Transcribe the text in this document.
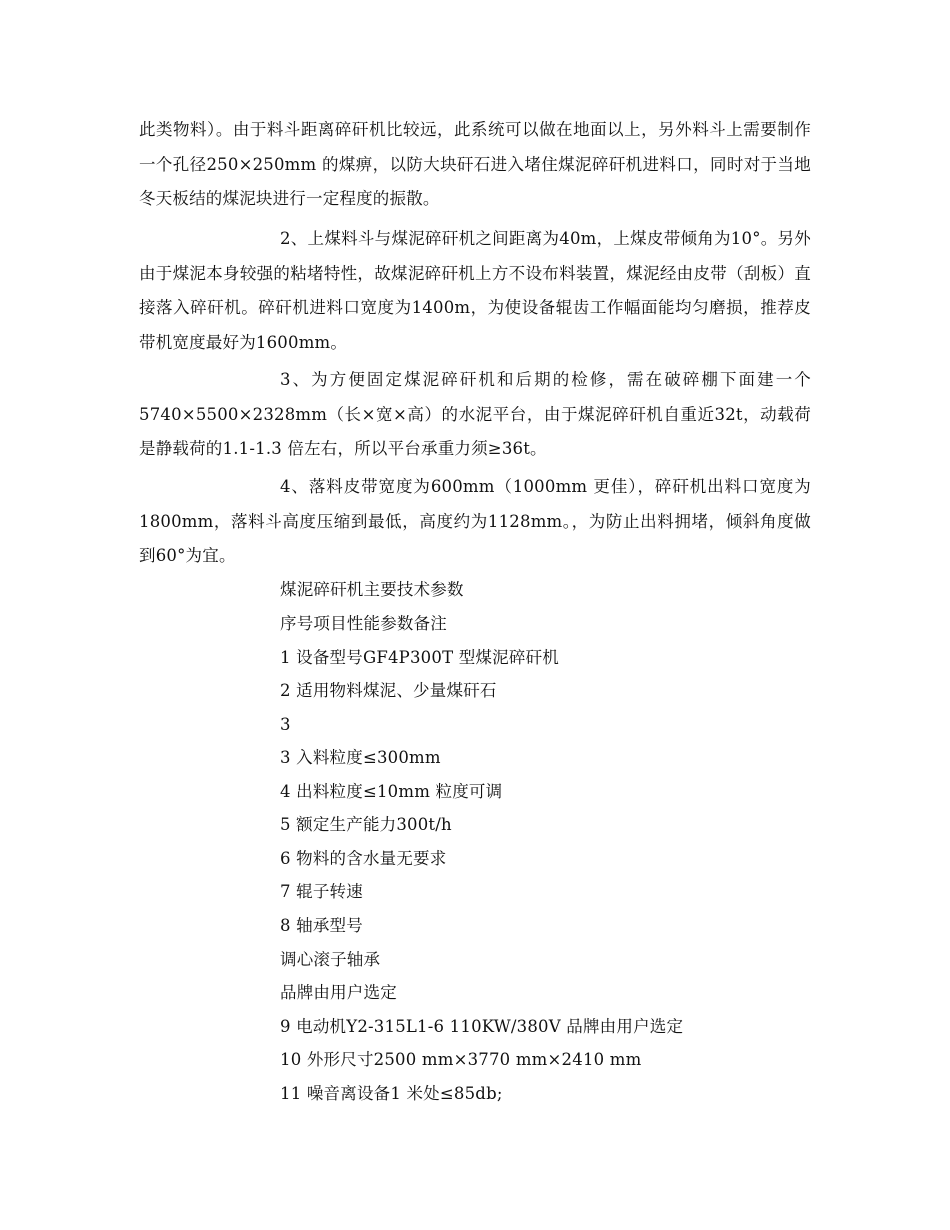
此类物料）。由于料斗距离碎矸机比较远，此系统可以做在地面以上，另外料斗上需要制作一个孔径250×250mm 的煤痹，以防大块矸石进入堵住煤泥碎矸机进料口，同时对于当地冬天板结的煤泥块进行一定程度的振散。

2、上煤料斗与煤泥碎矸机之间距离为40m，上煤皮带倾角为10°。另外由于煤泥本身较强的粘堵特性，故煤泥碎矸机上方不设布料装置，煤泥经由皮带（刮板）直接落入碎矸机。碎矸机进料口宽度为1400m，为使设备辊齿工作幅面能均匀磨损，推荐皮带机宽度最好为1600mm。

3、为方便固定煤泥碎矸机和后期的检修，需在破碎棚下面建一个5740×5500×2328mm（长×宽×高）的水泥平台，由于煤泥碎矸机自重近32t，动载荷是静载荷的1.1-1.3 倍左右，所以平台承重力须≥36t。

4、落料皮带宽度为600mm（1000mm 更佳），碎矸机出料口宽度为1800mm，落料斗高度压缩到最低，高度约为1128mm。，为防止出料拥堵，倾斜角度做到60°为宜。

煤泥碎矸机主要技术参数

序号项目性能参数备注

1 设备型号GF4P300T 型煤泥碎矸机

2 适用物料煤泥、少量煤矸石

3

3 入料粒度≤300mm

4 出料粒度≤10mm 粒度可调

5 额定生产能力300t/h

6 物料的含水量无要求

7 辊子转速

8 轴承型号

调心滚子轴承

品牌由用户选定

9 电动机Y2-315L1-6 110KW/380V 品牌由用户选定

10 外形尺寸2500 mm×3770 mm×2410 mm

11 噪音离设备1 米处≤85db;
